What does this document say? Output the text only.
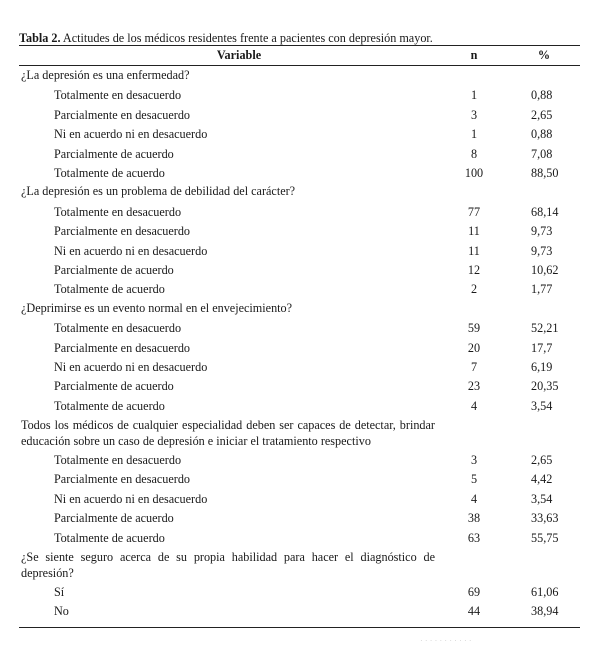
Tabla 2. Actitudes de los médicos residentes frente a pacientes con depresión mayor.
Variable	n	%
¿La depresión es una enfermedad?
Totalmente en desacuerdo	1	0,88
Parcialmente en desacuerdo	3	2,65
Ni en acuerdo ni en desacuerdo	1	0,88
Parcialmente de acuerdo	8	7,08
Totalmente de acuerdo	100	88,50
¿La depresión es un problema de debilidad del carácter?
Totalmente en desacuerdo	77	68,14
Parcialmente en desacuerdo	11	9,73
Ni en acuerdo ni en desacuerdo	11	9,73
Parcialmente de acuerdo	12	10,62
Totalmente de acuerdo	2	1,77
¿Deprimirse es un evento normal en el envejecimiento?
Totalmente en desacuerdo	59	52,21
Parcialmente en desacuerdo	20	17,7
Ni en acuerdo ni en desacuerdo	7	6,19
Parcialmente de acuerdo	23	20,35
Totalmente de acuerdo	4	3,54
Todos los médicos de cualquier especialidad deben ser capaces de detectar, brindar educación sobre un caso de depresión e iniciar el tratamiento respectivo
Totalmente en desacuerdo	3	2,65
Parcialmente en desacuerdo	5	4,42
Ni en acuerdo ni en desacuerdo	4	3,54
Parcialmente de acuerdo	38	33,63
Totalmente de acuerdo	63	55,75
¿Se siente seguro acerca de su propia habilidad para hacer el diagnóstico de depresión?
Sí	69	61,06
No	44	38,94
· · · · · · · · · · ·
